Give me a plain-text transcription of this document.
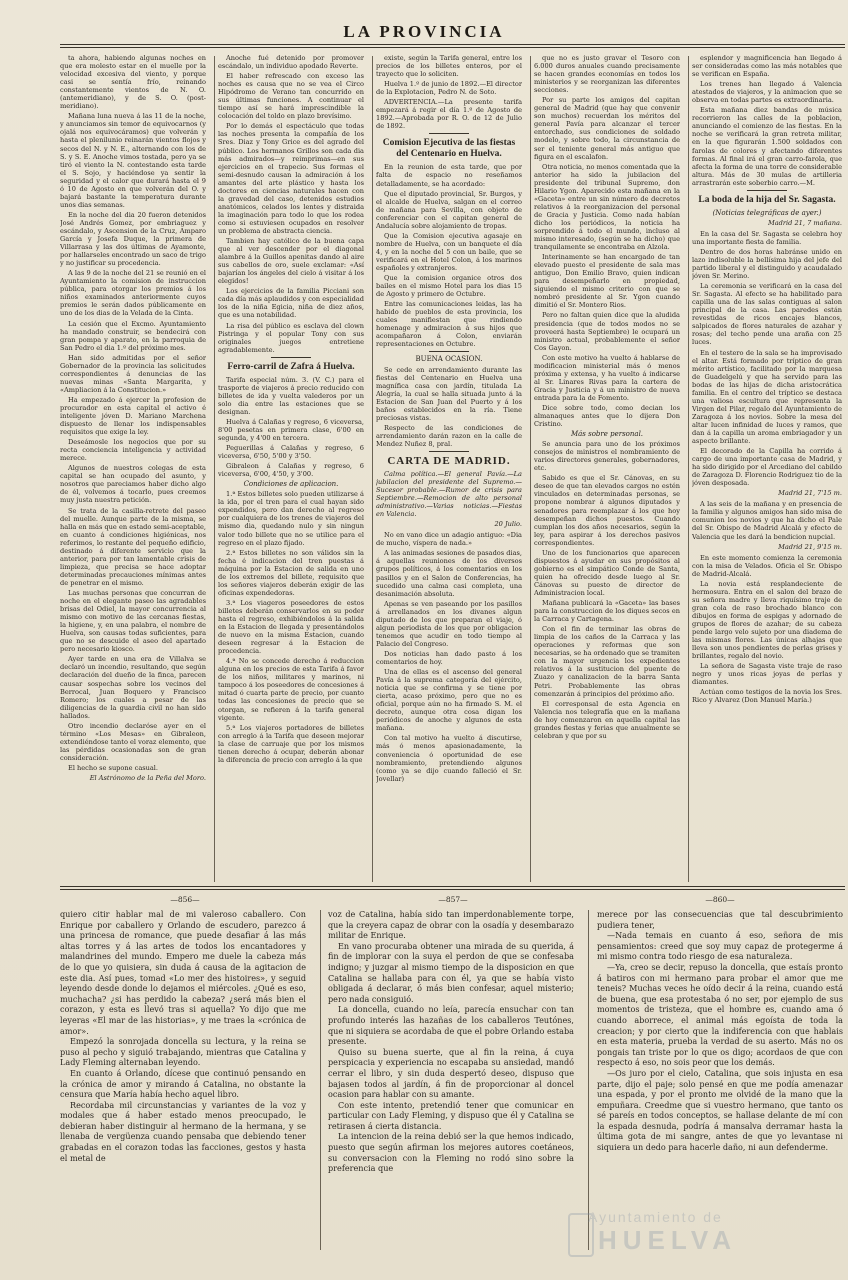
LA PROVINCIA

ta ahora, habiendo algunas noches en que era molesto estar en el muelle por la velocidad excesiva del viento, y porque casi se sentía frío, reinando constantemente vientos de N. O. (antemeridiano), y de S. O. (post-meridiano).

Mañana luna nueva á las 11 de la noche, y anunciamos sin temor de equivocarnos (y ojalá nos equivocáramos) que volverán y hasta el plenilunio reinarán vientos flojos y secos del N. y N. E., alternando con los de S. y S. E. Anoche vimos tostada, pero ya se tiró el viento la N. contestando esta tarde el S. Sojo, y haciéndose ya sentir la seguridad y el calor que durará hasta el 9 ó 10 de Agosto en que volverán del O. y bajará bastante la temperatura durante unos dias semanas.

En la noche del dia 20 fueron detenidos José Andrés Gomez, por embriaguez y escándalo, y Ascension de la Cruz, Amparo García y Josefa Duque, la primera de Villarrasa y las dos últimas de Ayamonte, por hallarseles encontrado un saco de trigo y no justificar su procedencia.

A las 9 de la noche del 21 se reunió en el Ayuntamiento la comision de instruccion pública, para otorgar los premios á los niños examinados anteriormente cuyos premios le serán dados públicamente en uno de los dias de la Velada de la Cinta.

La cesión que el Excmo. Ayuntamiento ha mandado construir, se bendecirá con gran pompa y aparato, en la parroquia de San Pedro el dia 1.º del próximo mes.

Han sido admitidas por el señor Gobernador de la provincia las solicitudes correspondientes á denuncias de las nuevas minas «Santa Margarita, y «Ampliacion á la Constitucion.»

Ha empezado á ejercer la profesion de procurador en esta capital el activo é inteligente jóven D. Mariano Marchena dispuesto de llenar los indispensables requisitos que exige la ley.

Deseámosle los negocios que por su recta conciencia inteligencia y actividad merece.

Algunos de nuestros colegas de esta capital se han ocupado del asunto, y nosotros que pareciamos haber dicho algo de él, volvemos á tocarlo, pues creemos muy justa nuestra petición.

Se trata de la casilla-retrete del paseo del muelle. Aunque parte de la misma, se halla en más que en estado semi-aceptable, en cuanto á condiciones higiénicas, nos referimos, lo restante del pequeño edificio, destinado á diferente servicio que la anterior, para por tan lamentable crisis de limpieza, que precisa se hace adoptar determinadas precauciones mínimas antes de penetrar en el mismo.

Las muchas personas que concurran de noche en el elegante paseo las agradables brisas del Odiel, la mayor concurrencia al mismo con motivo de las cercanas fiestas, la higiene, y, en una palabra, el nombre de Huelva, son causas todas suficientes, para que no se descuide el aseo del apartado pero necesario kiosco.

Ayer tarde en una era de Villalva se declaró un incendio, resultando, que según declaración del dueño de la finca, parecen causar sospechas sobre los vecinos del Berrocal, Juan Boquero y Francisco Romero; los cuales a pesar de las diligencias de la guardia civil no han sido hallados.

Otro incendio declaróse ayer en el término «Los Mesas» en Gibraleon, extendiéndose tanto el voraz elemento, que las pérdidas ocasionadas son de gran consideración.

El hecho se supone casual.

El Astrónomo de la Peña del Moro.

Anoche fué detenido por promover escándalo, un individuo apodado Reverte.

El haber refrescado con exceso las noches es causa que no se vea el Circo Hipódromo de Verano tan concurrido en sus últimas funciones. A continuar el tiempo así se hará imprescindible la colocación del toldo en plazo brevísimo.

Por lo demás el espectáculo que todas las noches presenta la compañía de los Sres. Diaz y Tony Grice es del agrado del público. Los hermanos Grillos son cada dia más admirados—y reimprimas—en sus ejercicios en el trapecio. Sus formas el semi-desnudo causan la admiración á los amantes del arte plástico y hasta los doctores en ciencias naturales hacen con la gravedad del caso, detenidos estudios anatómicos, celados los lentes y distraida la imaginación para todo lo que los rodea como si estuviesen ocupados en resolver un problema de abstracta ciencia.

Tambien hay católico de la buena capa que al ver descender por el diagonal alambre á la Guillos apenitas dando al aire sus cabellos de oro, suele exclamar: «Así bajarían los ángeles del cielo á visitar á los elegidos!

Los ejercicios de la familia Picciani son cada día más aplaudidos y con especialidad los de la niña Egicia, niña de diez años, que es una notabilidad.

La risa del público es esclava del clown Pistringa y el popular Tony con sus originales juegos entretiene agradablemente.

Ferro-carril de Zafra á Huelva.

Tarifa especial núm. 3. (V. C.) para el trasporte de viajeros á precio reducido con billetes de ida y vuelta valederos por un solo dia entre las estaciones que se designan.

Huelva á Calañas y regreso, 6 viceversa, 8'00 pesetas en primera clase, 6'00 en segunda, y 4'00 en tercera.

Peguerillas á Calañas y regreso, 6 viceversa, 6'50, 5'00 y 3'50.

Gibraleon á Calañas y regreso, 6 viceversa, 6'00, 4'50, y 3'00.

Condiciones de aplicacion.

1.ª Estos billetes solo pueden utilizarse á la ida, por el tren para el cual hayan sido expendidos, pero dan derecho al regreso por cualquiera de los trenes de viajeros del mismo dia, quedando nulo y sin ningun valor todo billete que no se utilice para el regreso en el plazo fijado.

2.ª Estos billetes no son válidos sin la fecha é indicacion del tren puestas á máquina por la Estacion de salida en uno de los extremos del billete, requisito que los señores viajeros deberán exigir de las oficinas expendedoras.

3.ª Los viageros poseedores de estos billetes deberán conservarlos en su poder hasta el regreso, exhibiéndolos á la salida en la Estacion de llegada y presentándolos de nuevo en la misma Estacion, cuando deseen regresar á la Estacion de procedencia.

4.ª No se concede derecho á reduccion alguna en los precios de esta Tarifa á favor de los niños, militares y marinos, ni tampoco á los poseedores de concesiones á mitad ó cuarta parte de precio, por cuanto todas las concesiones de precio que se otorgan, se refieren á la tarifa general vigente.

5.ª Los viajeros portadores de billetes con arreglo á la Tarifa que deseen mejorar la clase de carruaje que por los mismos tienen derecho á ocupar, deberán abonar la diferencia de precio con arreglo á la que

existe, según la Tarifa general, entre los precios de los billetes enteros, por el trayecto que lo soliciten.

Huelva 1.º de junio de 1892.—El director de la Explotacion, Pedro N. de Soto.

ADVERTENCIA.—La presente tarifa empezará á regir el día 1.º de Agosto de 1892.—Aprobada por R. O. de 12 de Julio de 1892.

Comision Ejecutiva de las fiestas del Centenario en Huelva.

En la reunion de esta tarde, que por falta de espacio no reseñamos detalladamente, se ha acordado:

Que el diputado provincial, Sr. Burgos, y el alcalde de Huelva, salgan en el correo de mañana para Sevilla, con objeto de conferenciar con el capitan general de Andalucía sobre alojamiento de tropas.

Que la Comision ejecutiva agasaje en nombre de Huelva, con un banquete el día 4, y en la noche del 5 con un baile, que se verificará en el Hotel Colon, á los marinos españoles y extranjeros.

Que la comision organice otros dos bailes en el mismo Hotel para los dias 15 de Agosto y primero de Octubre.

Entre las comunicaciones leidas, las ha habido de pueblos de esta provincia, los cuales manifiestan que rindiendo homenage y admiracion á sus hijos que acompañaron á Colon, enviarán representaciones en Octubre.

BUENA OCASION.

Se cede en arrendamiento durante las fiestas del Centenario en Huelva una magnífica casa con jardín, titulada La Alegría, la cual se halla situada junto á la Estacion de San Juan del Puerto y á los baños establecidos en la ría. Tiene preciosas vistas.

Respecto de las condiciones de arrendamiento darán razon en la calle de Mendez Nuñez 8, pral.

CARTA DE MADRID.

Calma política.—El general Pavía.—La jubilacion del presidente del Supremo.—Sucesor probable.—Rumor de crisis para Septiembre.—Remocion de alto personal administrativo.—Varias noticias.—Fiestas en Valencia.

20 Julio.

No en vano dice un adagio antiguo: «Dia de mucho, víspera de nada.»

A las animadas sesiones de pasados dias, á aquellas reuniones de los diversos grupos políticos, á los comentarios en los pasillos y en el Salon de Conferencias, ha sucedido una calma casi completa, una desanimación absoluta.

Apenas se ven paseando por los pasillos á arrellanados en los divanes algun diputado de los que preparan el viaje, ó algun periodista de los que por obligacion tenemos que acudir en todo tiempo al Palacio del Congreso.

Dos noticias han dado pasto á los comentarios de hoy.

Una de ellas es el ascenso del general Pavía á la suprema categoría del ejército, noticia que se confirma y se tiene por cierta, acaso próximo, pero que no es oficial, porque aún no ha firmado S. M. el decreto, aunque otra cosa digan los periódicos de anoche y algunos de esta mañana.

Con tal motivo ha vuelto á discutirse, más ó menos apasionadamente, la conveniencia ó oportunidad de ese nombramiento, pretendiendo algunos (como ya se dijo cuando falleció el Sr. Jovellar)

que no es justo gravar el Tesoro con 6.000 duros anuales cuando precisamente se hacen grandes economías en todos los ministerios y se reorganizan las diferentes secciones.

Por su parte los amigos del capitan general de Madrid (que hay que convenir son muchos) recuerdan los méritos del general Pavía para alcanzar el tercer entorchado, sus condiciones de soldado modelo, y sobre todo, la circunstancia de ser el teniente general más antiguo que figura en el escalafon.

Otra noticia, no menos comentada que la anterior ha sido la jubilacion del presidente del tribunal Supremo, don Hilario Ygon. Aparecido esta mañana en la «Gaceta» entre un sin número de decretos relativos á la reorganizacion del personal de Gracia y Justicia. Como nada habían dicho los periódicos, la noticia ha sorprendido á todo el mundo, incluso al mismo interesado, (según se ha dicho) que tranquilamente se encontraba en Alzola.

Interinamente se han encargado de tan elevado puesto el presidente de sala mas antiguo, Don Emilio Bravo, quien indican para desempeñarlo en propiedad, siguiendo el mismo criterio con que se nombró presidente al Sr. Ygon cuando dimitió el Sr. Montero Rios.

Pero no faltan quien dice que la aludida presidencia (que de todos modos no se proveerá hasta Septiembre) le ocupará un ministro actual, probablemente el señor Cos Gayon.

Con este motivo ha vuelto á hablarse de modificacion ministerial más ó menos próxima y extensa, y ha vuelto á indicarse al Sr. Linares Rivas para la cartera de Gracia y Justicia y á un ministro de nueva entrada para la de Fomento.

Dice sobre todo, como decian los almanaques antes que lo dijera Don Cristino.

Más sobre personal.

Se anuncia para uno de los próximos consejos de ministros el nombramiento de varios directores generales, gobernadores, etc.

Sabido es que el Sr. Cánovas, en su deseo de que tan elevados cargos no estén vinculados en determinadas personas, se propone nombrar á algunos diputados y senadores para reemplazar á los que hoy desempeñan dichos puestos. Cuando cumplan los dos años necesarios, según la ley, para aspirar á los derechos pasivos correspondientes.

Uno de los funcionarios que aparecen dispuestos á ayudar en sus propósitos al gobierno es el simpático Conde de Santa, quien ha ofrecido desde luego al Sr. Cánovas su puesto de director de Administracion local.

Mañana publicará la «Gaceta» las bases para la construccion de los diques secos en la Carraca y Cartagena.

Con el fin de terminar las obras de limpia de los caños de la Carraca y las operaciones y reformas que son necesarias, se ha ordenado que se tramiten con la mayor urgencia los expedientes relativos á la sustitucion del puente de Zuazo y canalizacion de la barra Santa Petri. Probablemente las obras comenzarán á principios del próximo año.

El corresponsal de esta Agencia en Valencia nos telegrafía que en la mañana de hoy comenzaron en aquella capital las grandes fiestas y ferias que anualmente se celebran y que por su

esplendor y magnificencia han llegado á ser consideradas como las más notables que se verifican en España.

Los trenes han llegado á Valencia atestados de viajeros, y la animacion que se observa en todas partes es extraordinaria.

Esta mañana diez bandas de música recorrieron las calles de la poblacion, anunciando el comienzo de las fiestas. En la noche se verificará la gran retreta militar, en la que figurarán 1.500 soldados con farolas de colores y afectando diferentes formas. Al final irá el gran carro-farola, que afecta la forma de una torre de considerable altura. Más de 30 mulas de artilleria arrastrarán este soberbio carro.—M.

La boda de la hija del Sr. Sagasta.

(Noticias telegráficas de ayer.)

Madrid 21, 7 mañana.

En la casa del Sr. Sagasta se celebra hoy una importante fiesta de familia.

Dentro de dos horas habránse unido en lazo indisoluble la bellísima hija del jefe del partido liberal y el distinguido y acaudalado jóven Sr. Merino.

La ceremonia se verificará en la casa del Sr. Sagasta. Al efecto se ha habilitado para capilla una de las salas contiguas al salon principal de la casa. Las paredes están revestidas de ricos encajes blancos, salpicados de flores naturales de azahar y rosas; del techo pende una araña con 25 luces.

En el testero de la sala se ha improvisado el altar. Está formado por tríptico de gran mérito artístico, facilitado por la marquesa de Guadelgelú y que ha servido para las bodas de las hijas de dicha aristocrática familia. En el centro del tríptico se destaca una valiosa escultura que representa la Virgen del Pilar, regalo del Ayuntamiento de Zaragoza á los novios. Sobre la mesa del altar lucen infinidad de luces y ramos, que dan á la capilla un aroma embriagador y un aspecto brillante.

El decorado de la Capilla ha corrido á cargo de una importante casa de Madrid, y ha sido dirigido por el Arcediano del cabildo de Zaragoza D. Florencio Rodriguez tio de la jóven desposada.

Madrid 21, 7'15 m.

A las seis de la mañana y en presencia de la familia y algunos amigos han sido misa de comunion los novios y que ha dicho el Pale del Sr. Obispo de Madrid Alcalá y efecto de Valencia que les dará la bendicion nupcial.

Madrid 21, 9'15 m.

En este momento comienza la ceremonia con la misa de Velados. Oficia el Sr. Obispo de Madrid-Alcalá.

La novia está resplandeciente de hermosura. Entra en el salon del brazo de su señora madre y lleva riquísimo traje de gran cola de raso brochado blanco con dibujos en forma de espigas y adornado de grupos de flores de azahar; de su cabeza pende largo velo sujeto por una diadema de las mismas flores. Las únicas alhajas que lleva son unos pendientes de perlas grises y brillantes, regalo del novio.

La señora de Sagasta viste traje de raso negro y unos ricas joyas de perlas y diamantes.

Actúan como testigos de la novia los Sres. Rico y Alvarez (Don Manuel María.)

—856—	—857—	—860—

quiero citir hablar mal de mi valeroso caballero. Con Enrique por caballero y Orlando de escudero, parezco á una princesa de romance, que puede desafiar á las más altas torres y á las artes de todos los encantadores y malandrines del mundo. Empero me duele la cabeza más de lo que yo quisiera, sin duda á causa de la agitacion de este dia. Así pues, tomad «Lo mer des histoires», y seguid leyendo desde donde lo dejamos el miércoles. ¿Qué es eso, muchacha? ¿si has perdido la cabeza? ¿será más bien el corazon, y esta es llevó tras si aquella? Yo dijo que me leyeras «El mar de las historias», y me traes la «crónica de amor».

Empezó la sonrojada doncella su lectura, y la reina se puso al pecho y siguió trabajando, mientras que Catalina y Lady Fleming alternaban leyendo.

En cuanto á Orlando, dícese que continuó pensando en la crónica de amor y mirando á Catalina, no obstante la censura que María había hecho aquel libro.

Recordaba mil circunstancias y variantes de la voz y modales que á haber estado menos preocupado, le debieran haber distinguir al hermano de la hermana, y se llenaba de vergüenza cuando pensaba que debiendo tener grabadas en el corazon todas las facciones, gestos y hasta el metal de

voz de Catalina, había sido tan imperdonablemente torpe, que la creyera capaz de obrar con la osadía y desembarazo militar de Enrique.

En vano procuraba obtener una mirada de su querida, á fin de implorar con la suya el perdon de que se confesaba indigno; y juzgar al mismo tiempo de la disposicion en que Catalina se hallaba para con él, ya que se había visto obligada á declarar, ó más bien confesar, aquel misterio; pero nada consiguió.

La doncella, cuando no leía, parecía ensuchar con tan profundo interés las hazañas de los caballeros Teutónes, que ni siquiera se acordaba de que el pobre Orlando estaba presente.

Quiso su buena suerte, que al fin la reina, á cuya perspicacia y experiencia no escapaba su ansiedad, mandó cerrar el libro, y sin duda despertó deseo, dispuso que bajasen todos al jardín, á fin de proporcionar al doncel ocasion para hablar con su amante.

Con este intento, pretendió tener que comunicar en particular con Lady Fleming, y dispuso que él y Catalina se retirasen á cierta distancia.

La intencion de la reina debió ser la que hemos indicado, puesto que según afirman los mejores autores coetáneos, su conversacion con la Fleming no rodó sino sobre la preferencia que

merece por las consecuencias que tal descubrimiento pudiera tener,

—Nada temais en cuanto á eso, señora de mis pensamientos: creed que soy muy capaz de protegerme á mi mismo contra todo riesgo de esa naturaleza.

—Ya, creo se decir, repuso la doncella, que estaís pronto á batiros con mi hermano para probar el amor que me teneis? Muchas veces he oído decir á la reina, cuando está de buena, que esa protestaba ó no ser, por ejemplo de sus momentos de tristeza, que el hombre es, cuando ama ó cuando aborrece, el animal más egoísta de toda la creacion; y por cierto que la indiferencia con que hablais en esta materia, prueba la verdad de su aserto. Más no os pongais tan triste por lo que os digo; acordaos de que con respecto á eso, no sois peor que los demás.

—Os juro por el cielo, Catalina, que sois injusta en esa parte, dijo el paje; solo pensé en que me podía amenazar una espada, y por el pronto me olvidé de la mano que la empuñara. Creedme que si vuestro hermano, que tanto os sé pareís en todos conceptos, se hallase delante de mí con la espada desnuda, podría á mansalva derramar hasta la última gota de mi sangre, antes de que yo levantase ni siquiera un dedo para hacerle daño, ni aun defenderme.

Ayuntamiento de
HUELVA
